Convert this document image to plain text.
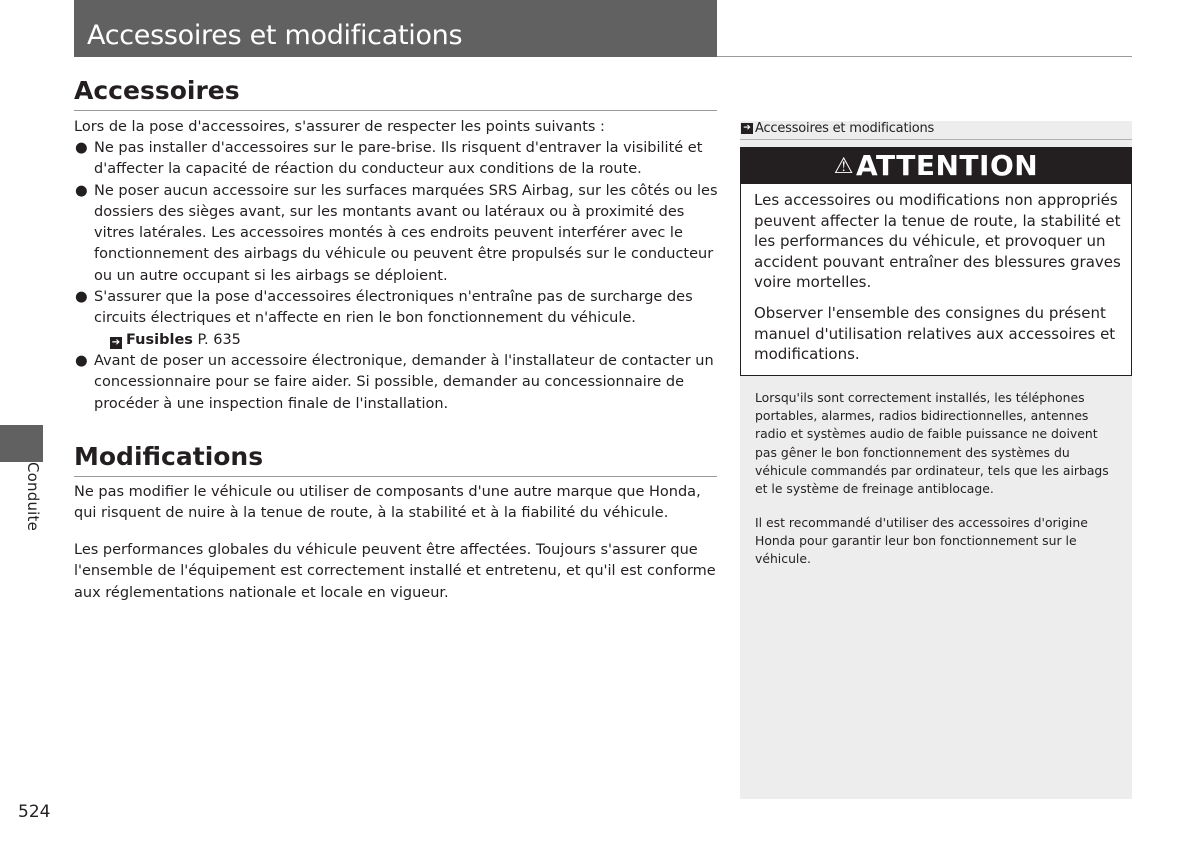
Accessoires et modifications
Accessoires
Lors de la pose d'accessoires, s'assurer de respecter les points suivants :
● Ne pas installer d'accessoires sur le pare-brise. Ils risquent d'entraver la visibilité et d'affecter la capacité de réaction du conducteur aux conditions de la route.
● Ne poser aucun accessoire sur les surfaces marquées SRS Airbag, sur les côtés ou les dossiers des sièges avant, sur les montants avant ou latéraux ou à proximité des vitres latérales. Les accessoires montés à ces endroits peuvent interférer avec le fonctionnement des airbags du véhicule ou peuvent être propulsés sur le conducteur ou un autre occupant si les airbags se déploient.
● S'assurer que la pose d'accessoires électroniques n'entraîne pas de surcharge des circuits électriques et n'affecte en rien le bon fonctionnement du véhicule.
➔ Fusibles P. 635
● Avant de poser un accessoire électronique, demander à l'installateur de contacter un concessionnaire pour se faire aider. Si possible, demander au concessionnaire de procéder à une inspection finale de l'installation.
Modifications

Ne pas modifier le véhicule ou utiliser de composants d'une autre marque que Honda, qui risquent de nuire à la tenue de route, à la stabilité et à la fiabilité du véhicule.

Les performances globales du véhicule peuvent être affectées. Toujours s'assurer que l'ensemble de l'équipement est correctement installé et entretenu, et qu'il est conforme aux réglementations nationale et locale en vigueur.

Conduite
524
➔ Accessoires et modifications
⚠ATTENTION

Les accessoires ou modifications non appropriés peuvent affecter la tenue de route, la stabilité et les performances du véhicule, et provoquer un accident pouvant entraîner des blessures graves voire mortelles.

Observer l'ensemble des consignes du présent manuel d'utilisation relatives aux accessoires et modifications.

Lorsqu'ils sont correctement installés, les téléphones portables, alarmes, radios bidirectionnelles, antennes radio et systèmes audio de faible puissance ne doivent pas gêner le bon fonctionnement des systèmes du véhicule commandés par ordinateur, tels que les airbags et le système de freinage antiblocage.

Il est recommandé d'utiliser des accessoires d'origine Honda pour garantir leur bon fonctionnement sur le véhicule.
